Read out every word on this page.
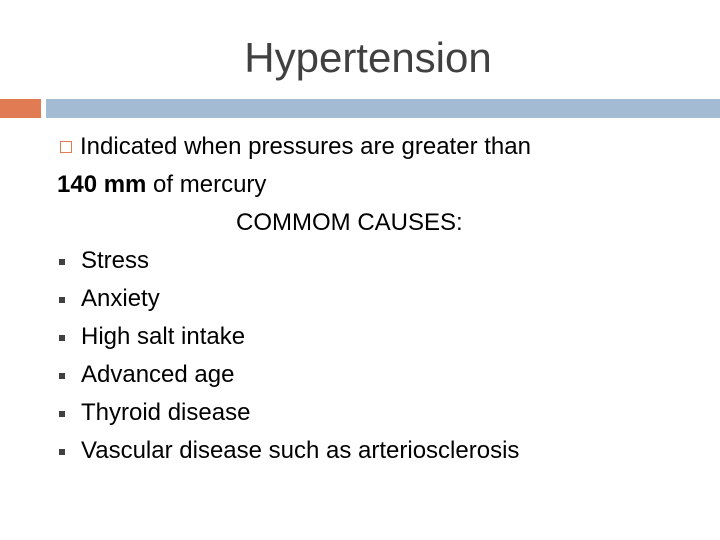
Hypertension
Indicated when pressures are greater than
140 mm of mercury
COMMOM CAUSES:
Stress
Anxiety
High salt intake
Advanced age
Thyroid disease
Vascular disease such as arteriosclerosis
